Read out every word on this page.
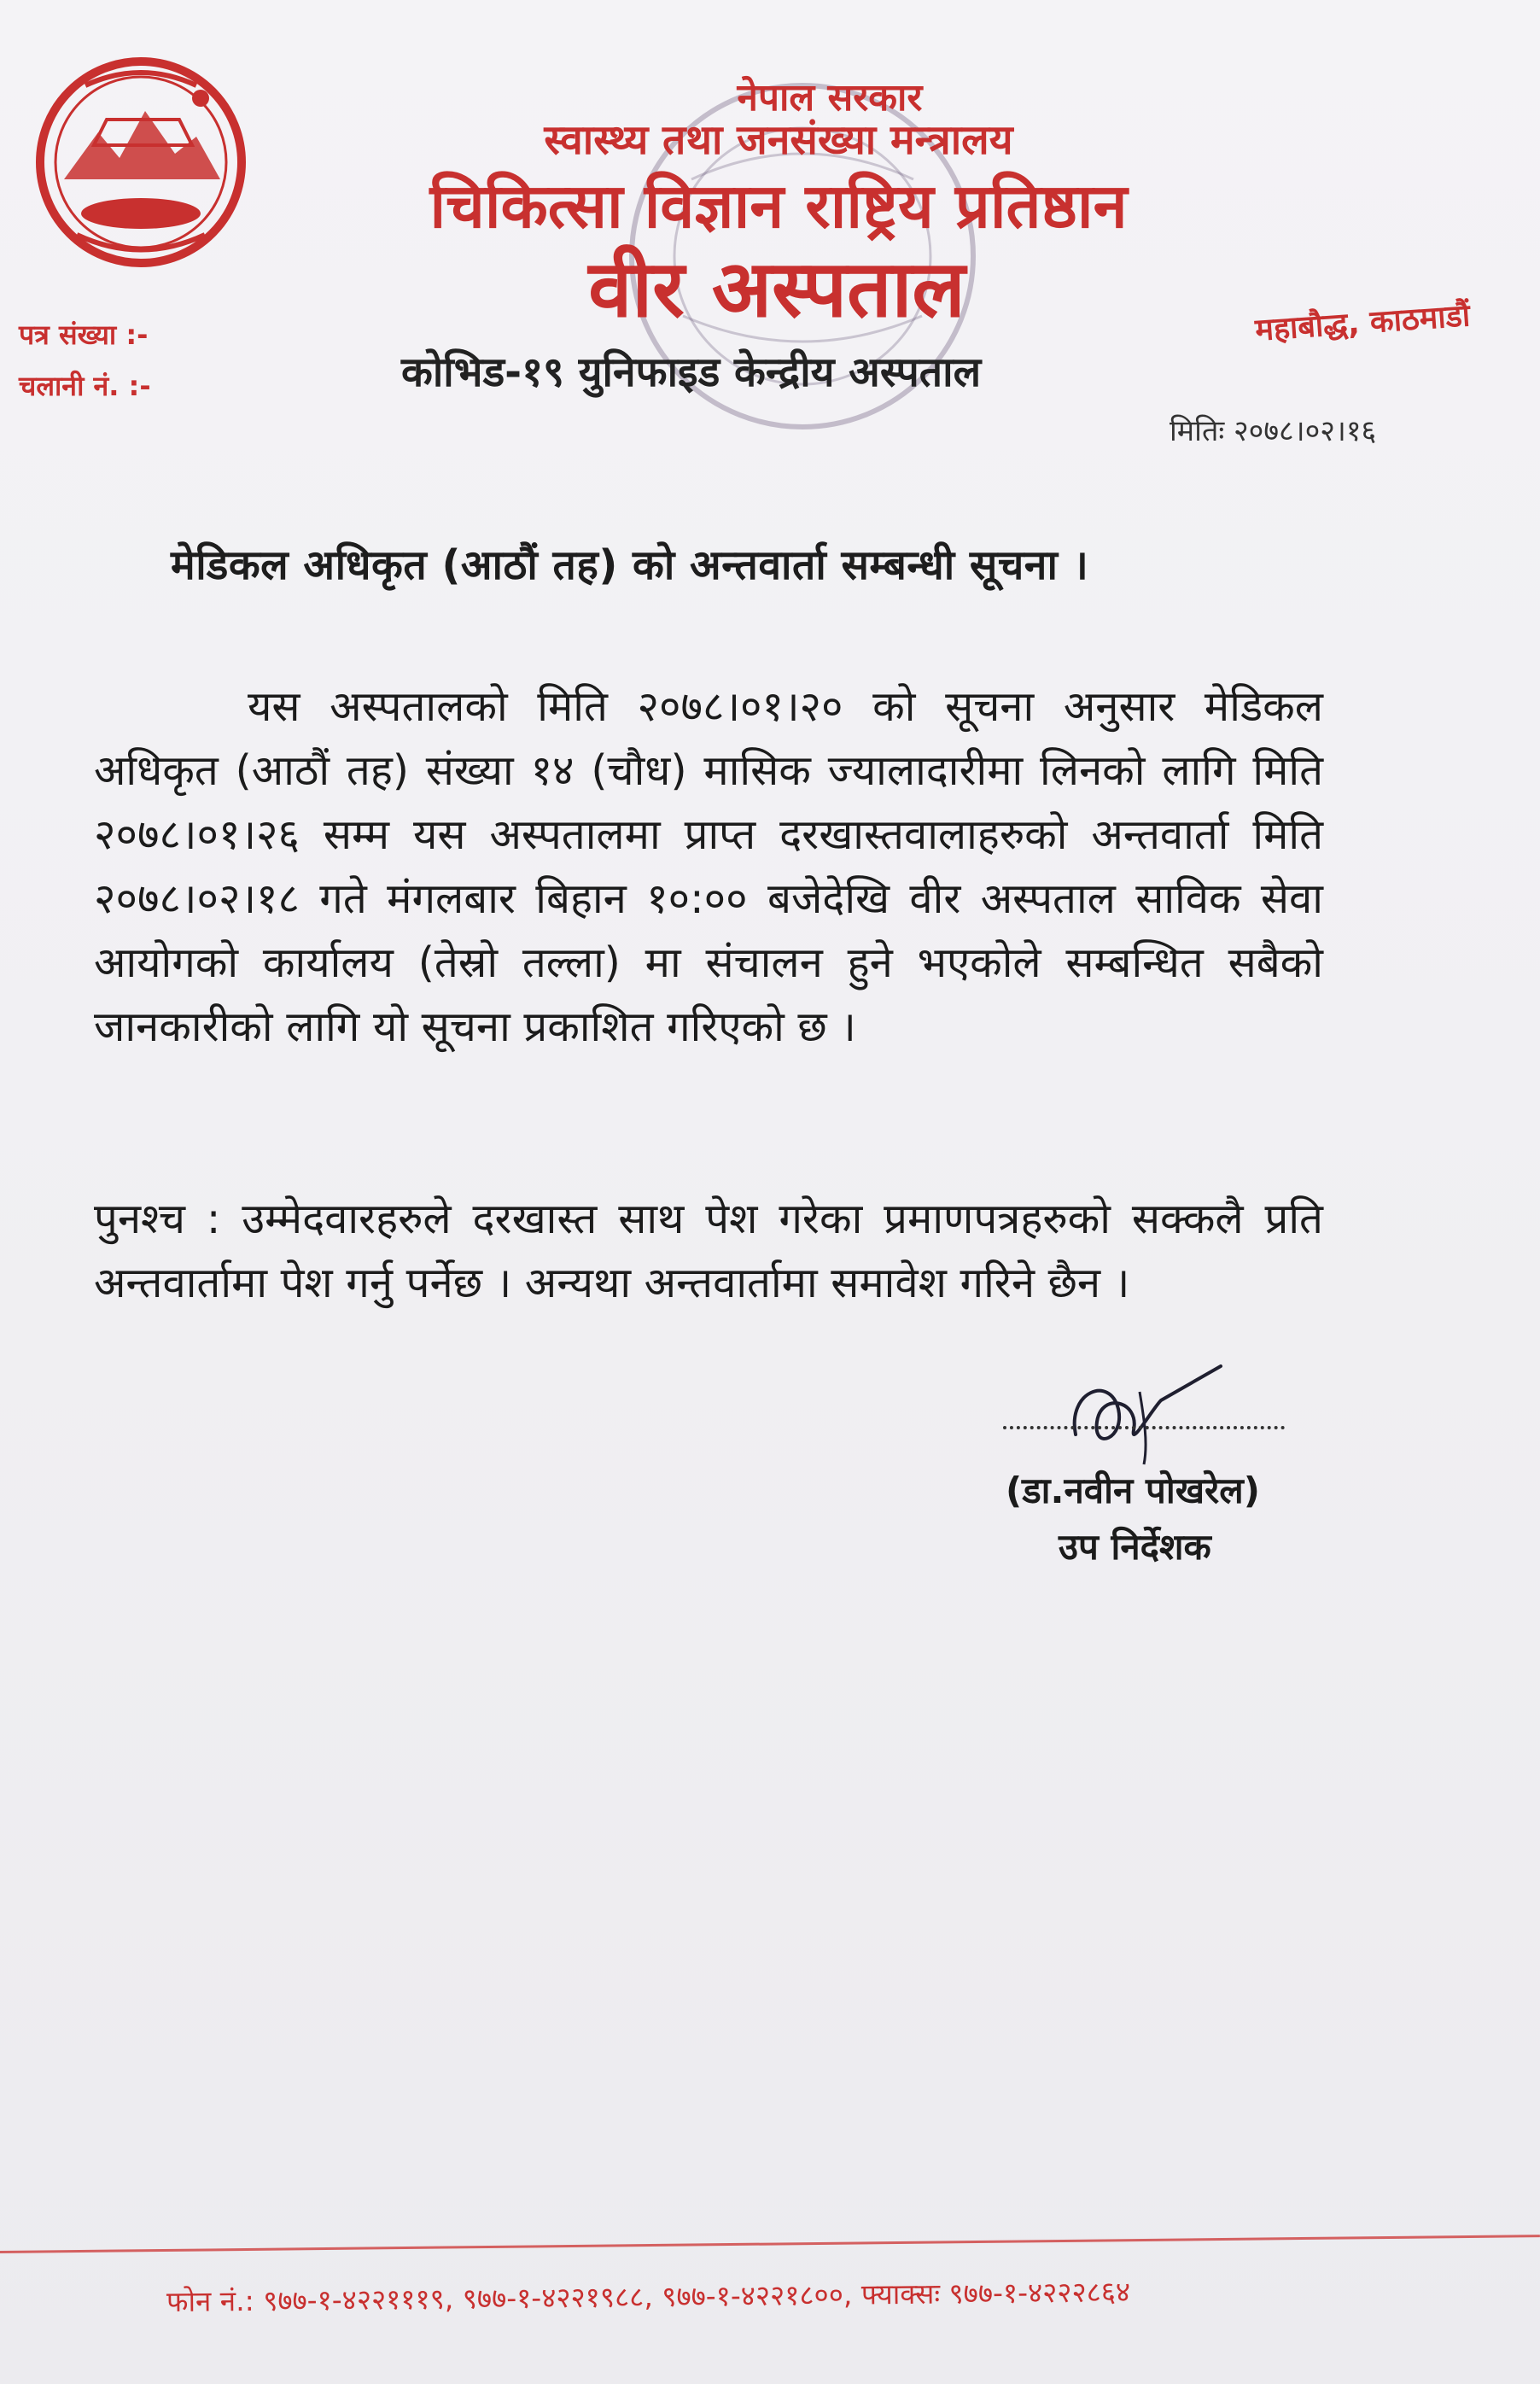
नेपाल सरकार
स्वास्थ्य तथा जनसंख्या मन्त्रालय
चिकित्सा विज्ञान राष्ट्रिय प्रतिष्ठान
वीर अस्पताल
पत्र संख्या :-
चलानी नं. :-	कोभिड-१९ युनिफाइड केन्द्रीय अस्पताल
महाबौद्ध, काठमाडौं
मितिः २०७८।०२।१६
मेडिकल अधिकृत (आठौं तह) को अन्तवार्ता सम्बन्धी सूचना ।
यस अस्पतालको मिति २०७८।०१।२० को सूचना अनुसार मेडिकल अधिकृत (आठौं तह) संख्या १४ (चौध) मासिक ज्यालादारीमा लिनको लागि मिति २०७८।०१।२६ सम्म यस अस्पतालमा प्राप्त दरखास्तवालाहरुको अन्तवार्ता मिति २०७८।०२।१८ गते मंगलबार बिहान १०:०० बजेदेखि वीर अस्पताल साविक सेवा आयोगको कार्यालय (तेस्रो तल्ला) मा संचालन हुने भएकोले सम्बन्धित सबैको जानकारीको लागि यो सूचना प्रकाशित गरिएको छ ।
पुनश्च : उम्मेदवारहरुले दरखास्त साथ पेश गरेका प्रमाणपत्रहरुको सक्कलै प्रति अन्तवार्तामा पेश गर्नु पर्नेछ । अन्यथा अन्तवार्तामा समावेश गरिने छैन ।
(डा.नवीन पोखरेल)
उप निर्देशक
फोन नं.: ९७७-१-४२२१११९, ९७७-१-४२२१९८८, ९७७-१-४२२१८००, फ्याक्सः ९७७-१-४२२२८६४
